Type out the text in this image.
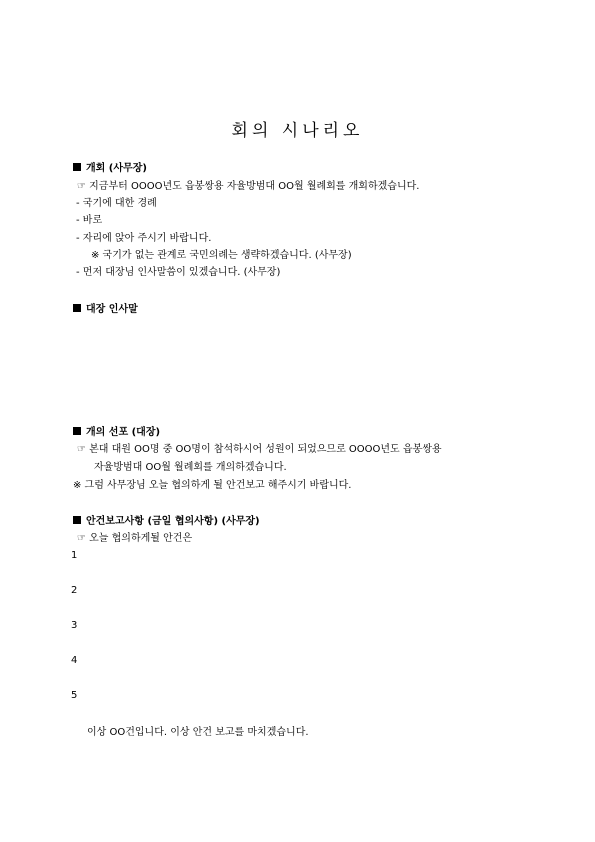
회의 시나리오
개회 (사무장)
☞ 지금부터 OOOO년도 읍봉쌍용 자율방범대 OO월 월례회를 개회하겠습니다.
- 국기에 대한 경례
- 바로
- 자리에 앉아 주시기 바랍니다.
※ 국기가 없는 관계로 국민의례는 생략하겠습니다. (사무장)
- 먼저 대장님 인사말씀이 있겠습니다. (사무장)
대장 인사말
개의 선포 (대장)
☞ 본대 대원 OO명 중 OO명이 참석하시어 성원이 되었으므로 OOOO년도 읍봉쌍용
자율방범대 OO월 월례회를 개의하겠습니다.
※ 그럼 사무장님 오늘 협의하게 될 안건보고 해주시기 바랍니다.
안건보고사항 (금일 협의사항) (사무장)
☞ 오늘 협의하게될 안건은
1
2
3
4
5
이상 OO건입니다. 이상 안건 보고를 마치겠습니다.
